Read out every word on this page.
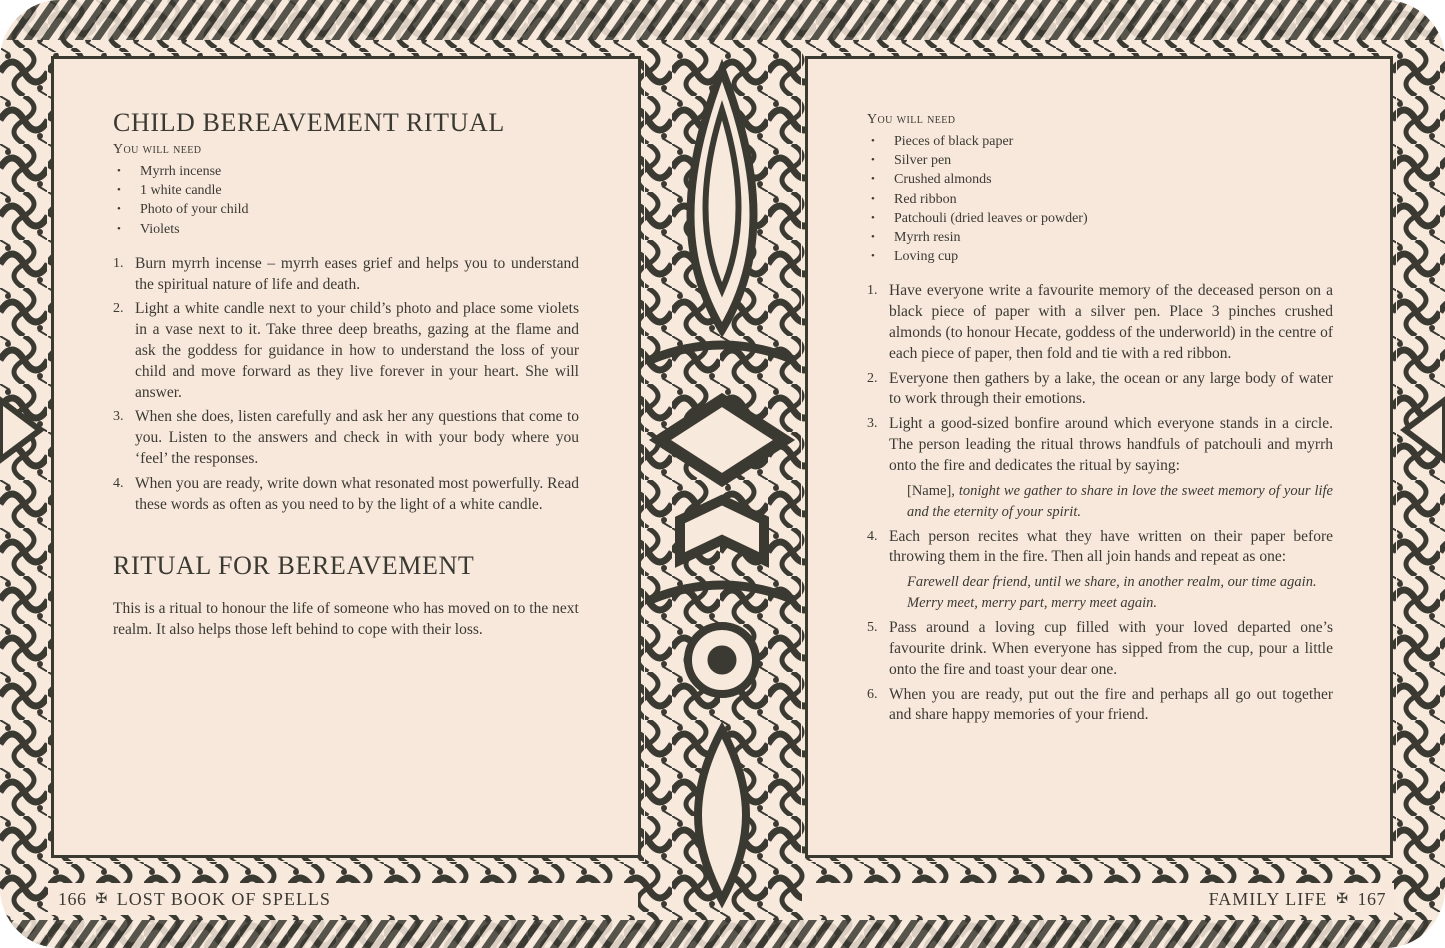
CHILD BEREAVEMENT RITUAL
You will need
• Myrrh incense
• 1 white candle
• Photo of your child
• Violets
1. Burn myrrh incense – myrrh eases grief and helps you to understand the spiritual nature of life and death.
2. Light a white candle next to your child’s photo and place some violets in a vase next to it. Take three deep breaths, gazing at the flame and ask the goddess for guidance in how to understand the loss of your child and move forward as they live forever in your heart. She will answer.
3. When she does, listen carefully and ask her any questions that come to you. Listen to the answers and check in with your body where you ‘feel’ the responses.
4. When you are ready, write down what resonated most powerfully. Read these words as often as you need to by the light of a white candle.
RITUAL FOR BEREAVEMENT
This is a ritual to honour the life of someone who has moved on to the next realm. It also helps those left behind to cope with their loss.
You will need
• Pieces of black paper
• Silver pen
• Crushed almonds
• Red ribbon
• Patchouli (dried leaves or powder)
• Myrrh resin
• Loving cup
1. Have everyone write a favourite memory of the deceased person on a black piece of paper with a silver pen. Place 3 pinches crushed almonds (to honour Hecate, goddess of the underworld) in the centre of each piece of paper, then fold and tie with a red ribbon.
2. Everyone then gathers by a lake, the ocean or any large body of water to work through their emotions.
3. Light a good-sized bonfire around which everyone stands in a circle. The person leading the ritual throws handfuls of patchouli and myrrh onto the fire and dedicates the ritual by saying:
[Name], tonight we gather to share in love the sweet memory of your life and the eternity of your spirit.
4. Each person recites what they have written on their paper before throwing them in the fire. Then all join hands and repeat as one:
Farewell dear friend, until we share, in another realm, our time again.
Merry meet, merry part, merry meet again.
5. Pass around a loving cup filled with your loved departed one’s favourite drink. When everyone has sipped from the cup, pour a little onto the fire and toast your dear one.
6. When you are ready, put out the fire and perhaps all go out together and share happy memories of your friend.
166 ✠ LOST BOOK OF SPELLS	FAMILY LIFE ✠ 167
